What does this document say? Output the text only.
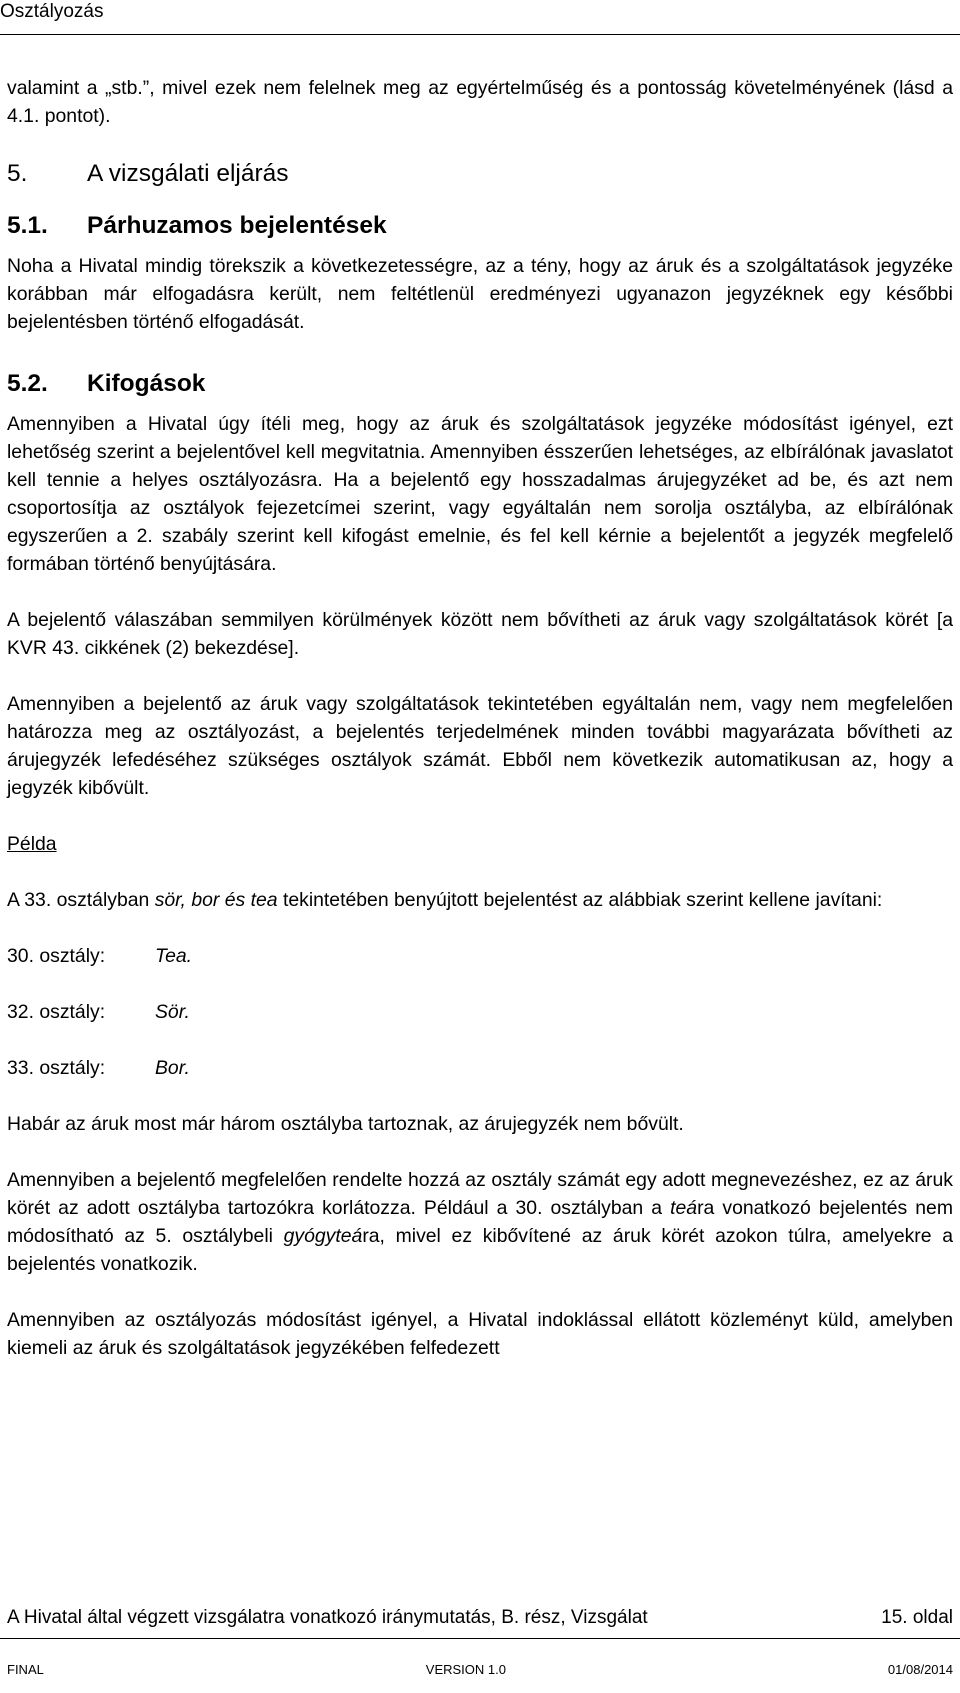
Osztályozás

valamint a „stb.”, mivel ezek nem felelnek meg az egyértelműség és a pontosság követelményének (lásd a 4.1. pontot).

5. A vizsgálati eljárás
5.1. Párhuzamos bejelentések

Noha a Hivatal mindig törekszik a következetességre, az a tény, hogy az áruk és a szolgáltatások jegyzéke korábban már elfogadásra került, nem feltétlenül eredményezi ugyanazon jegyzéknek egy későbbi bejelentésben történő elfogadását.

5.2. Kifogások

Amennyiben a Hivatal úgy ítéli meg, hogy az áruk és szolgáltatások jegyzéke módosítást igényel, ezt lehetőség szerint a bejelentővel kell megvitatnia. Amennyiben ésszerűen lehetséges, az elbírálónak javaslatot kell tennie a helyes osztályozásra. Ha a bejelentő egy hosszadalmas árujegyzéket ad be, és azt nem csoportosítja az osztályok fejezetcímei szerint, vagy egyáltalán nem sorolja osztályba, az elbírálónak egyszerűen a 2. szabály szerint kell kifogást emelnie, és fel kell kérnie a bejelentőt a jegyzék megfelelő formában történő benyújtására.

A bejelentő válaszában semmilyen körülmények között nem bővítheti az áruk vagy szolgáltatások körét [a KVR 43. cikkének (2) bekezdése].

Amennyiben a bejelentő az áruk vagy szolgáltatások tekintetében egyáltalán nem, vagy nem megfelelően határozza meg az osztályozást, a bejelentés terjedelmének minden további magyarázata bővítheti az árujegyzék lefedéséhez szükséges osztályok számát. Ebből nem következik automatikusan az, hogy a jegyzék kibővült.

Példa

A 33. osztályban sör, bor és tea tekintetében benyújtott bejelentést az alábbiak szerint kellene javítani:

30. osztály:	Tea.
32. osztály:	Sör.
33. osztály:	Bor.

Habár az áruk most már három osztályba tartoznak, az árujegyzék nem bővült.

Amennyiben a bejelentő megfelelően rendelte hozzá az osztály számát egy adott megnevezéshez, ez az áruk körét az adott osztályba tartozókra korlátozza. Például a 30. osztályban a teára vonatkozó bejelentés nem módosítható az 5. osztálybeli gyógyteára, mivel ez kibővítené az áruk körét azokon túlra, amelyekre a bejelentés vonatkozik.

Amennyiben az osztályozás módosítást igényel, a Hivatal indoklással ellátott közleményt küld, amelyben kiemeli az áruk és szolgáltatások jegyzékében felfedezett

A Hivatal által végzett vizsgálatra vonatkozó iránymutatás, B. rész, Vizsgálat	15. oldal
FINAL	VERSION 1.0	01/08/2014
